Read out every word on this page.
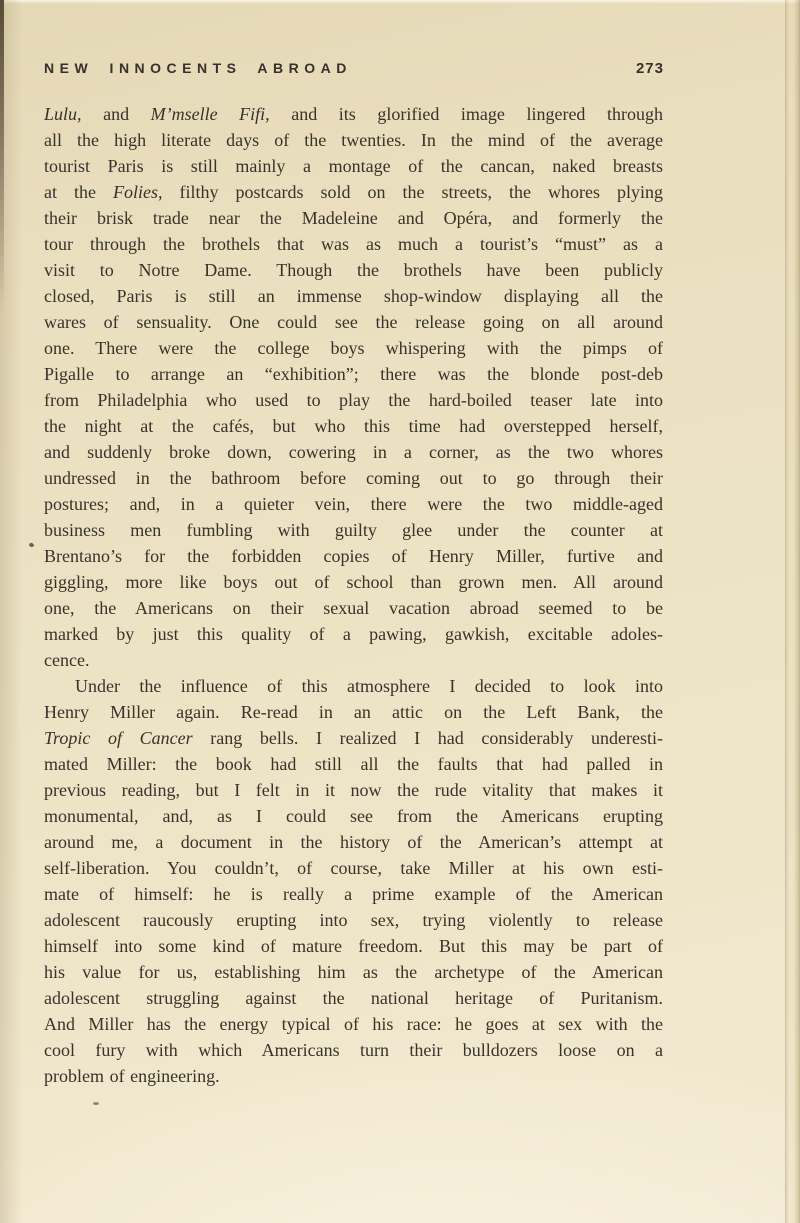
NEW INNOCENTS ABROAD	273
Lulu, and M’mselle Fifi, and its glorified image lingered through
all the high literate days of the twenties. In the mind of the average
tourist Paris is still mainly a montage of the cancan, naked breasts
at the Folies, filthy postcards sold on the streets, the whores plying
their brisk trade near the Madeleine and Opéra, and formerly the
tour through the brothels that was as much a tourist’s “must” as a
visit to Notre Dame. Though the brothels have been publicly
closed, Paris is still an immense shop-window displaying all the
wares of sensuality. One could see the release going on all around
one. There were the college boys whispering with the pimps of
Pigalle to arrange an “exhibition”; there was the blonde post-deb
from Philadelphia who used to play the hard-boiled teaser late into
the night at the cafés, but who this time had overstepped herself,
and suddenly broke down, cowering in a corner, as the two whores
undressed in the bathroom before coming out to go through their
postures; and, in a quieter vein, there were the two middle-aged
business men fumbling with guilty glee under the counter at
Brentano’s for the forbidden copies of Henry Miller, furtive and
giggling, more like boys out of school than grown men. All around
one, the Americans on their sexual vacation abroad seemed to be
marked by just this quality of a pawing, gawkish, excitable adoles-
cence.
Under the influence of this atmosphere I decided to look into
Henry Miller again. Re-read in an attic on the Left Bank, the
Tropic of Cancer rang bells. I realized I had considerably underesti-
mated Miller: the book had still all the faults that had palled in
previous reading, but I felt in it now the rude vitality that makes it
monumental, and, as I could see from the Americans erupting
around me, a document in the history of the American’s attempt at
self-liberation. You couldn’t, of course, take Miller at his own esti-
mate of himself: he is really a prime example of the American
adolescent raucously erupting into sex, trying violently to release
himself into some kind of mature freedom. But this may be part of
his value for us, establishing him as the archetype of the American
adolescent struggling against the national heritage of Puritanism.
And Miller has the energy typical of his race: he goes at sex with the
cool fury with which Americans turn their bulldozers loose on a
problem of engineering.
